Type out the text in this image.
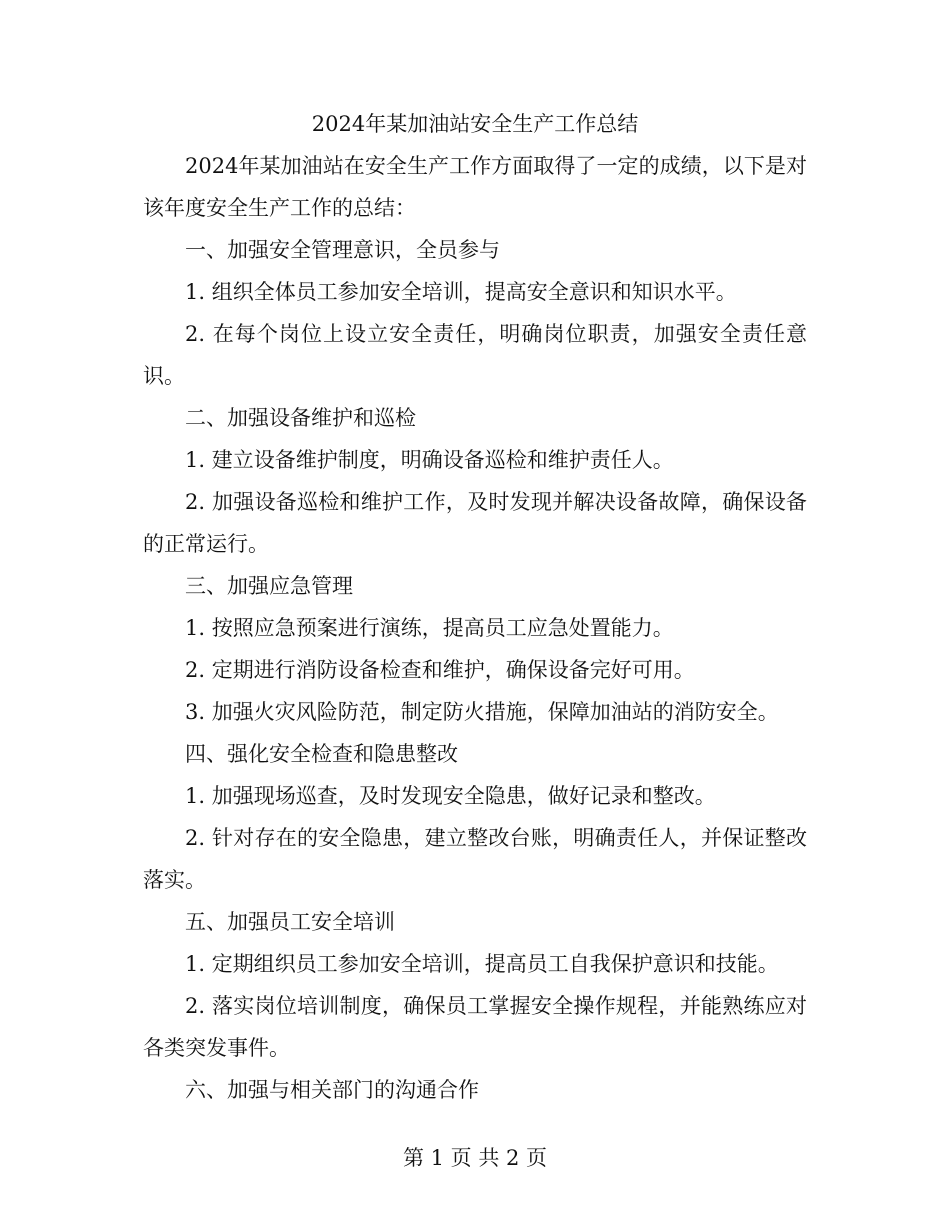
2024年某加油站安全生产工作总结

2024年某加油站在安全生产工作方面取得了一定的成绩，以下是对该年度安全生产工作的总结：

一、加强安全管理意识，全员参与

1. 组织全体员工参加安全培训，提高安全意识和知识水平。

2. 在每个岗位上设立安全责任，明确岗位职责，加强安全责任意识。

二、加强设备维护和巡检

1. 建立设备维护制度，明确设备巡检和维护责任人。

2. 加强设备巡检和维护工作，及时发现并解决设备故障，确保设备的正常运行。

三、加强应急管理

1. 按照应急预案进行演练，提高员工应急处置能力。

2. 定期进行消防设备检查和维护，确保设备完好可用。

3. 加强火灾风险防范，制定防火措施，保障加油站的消防安全。

四、强化安全检查和隐患整改

1. 加强现场巡查，及时发现安全隐患，做好记录和整改。

2. 针对存在的安全隐患，建立整改台账，明确责任人，并保证整改落实。

五、加强员工安全培训

1. 定期组织员工参加安全培训，提高员工自我保护意识和技能。

2. 落实岗位培训制度，确保员工掌握安全操作规程，并能熟练应对各类突发事件。

六、加强与相关部门的沟通合作

第 1 页 共 2 页
